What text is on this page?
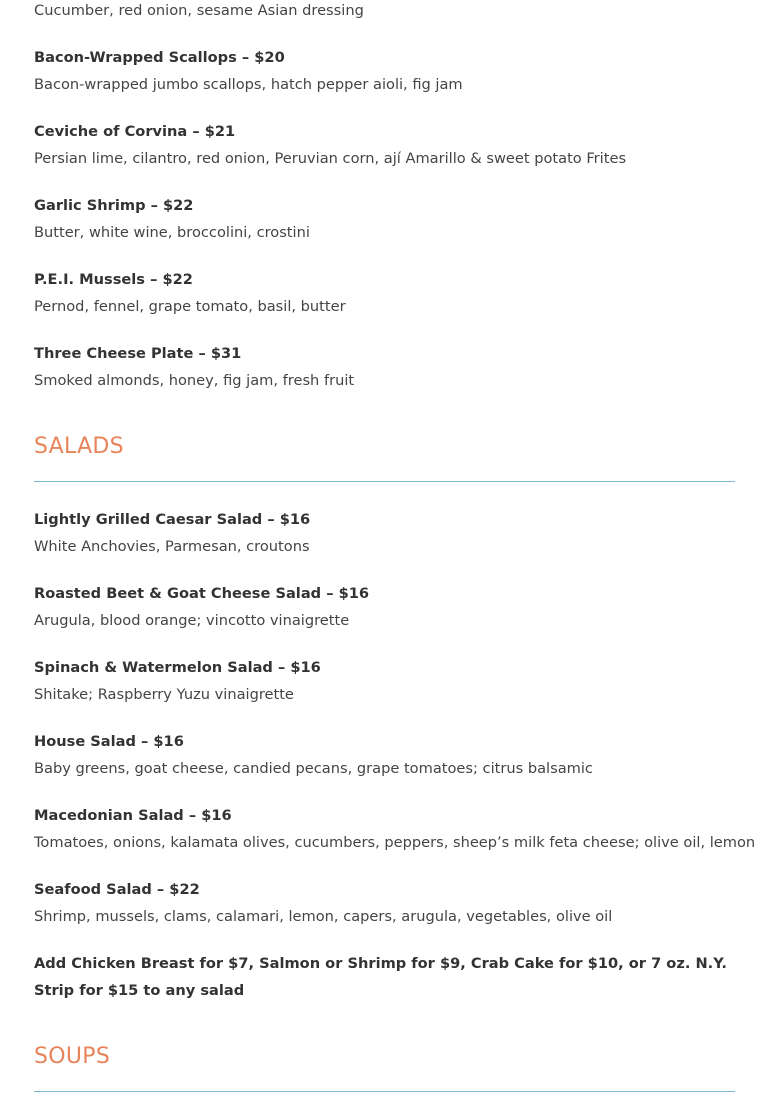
Cucumber, red onion, sesame Asian dressing

Bacon-Wrapped Scallops – $20

Bacon-wrapped jumbo scallops, hatch pepper aioli, fig jam

Ceviche of Corvina – $21

Persian lime, cilantro, red onion, Peruvian corn, ají Amarillo & sweet potato Frites

Garlic Shrimp – $22

Butter, white wine, broccolini, crostini

P.E.I. Mussels – $22

Pernod, fennel, grape tomato, basil, butter

Three Cheese Plate – $31

Smoked almonds, honey, fig jam, fresh fruit

SALADS

Lightly Grilled Caesar Salad – $16

White Anchovies, Parmesan, croutons

Roasted Beet & Goat Cheese Salad – $16

Arugula, blood orange; vincotto vinaigrette

Spinach & Watermelon Salad – $16

Shitake; Raspberry Yuzu vinaigrette

House Salad – $16

Baby greens, goat cheese, candied pecans, grape tomatoes; citrus balsamic

Macedonian Salad – $16

Tomatoes, onions, kalamata olives, cucumbers, peppers, sheep’s milk feta cheese; olive oil, lemon

Seafood Salad – $22

Shrimp, mussels, clams, calamari, lemon, capers, arugula, vegetables, olive oil

Add Chicken Breast for $7, Salmon or Shrimp for $9, Crab Cake for $10, or 7 oz. N.Y. Strip for $15 to any salad

SOUPS
